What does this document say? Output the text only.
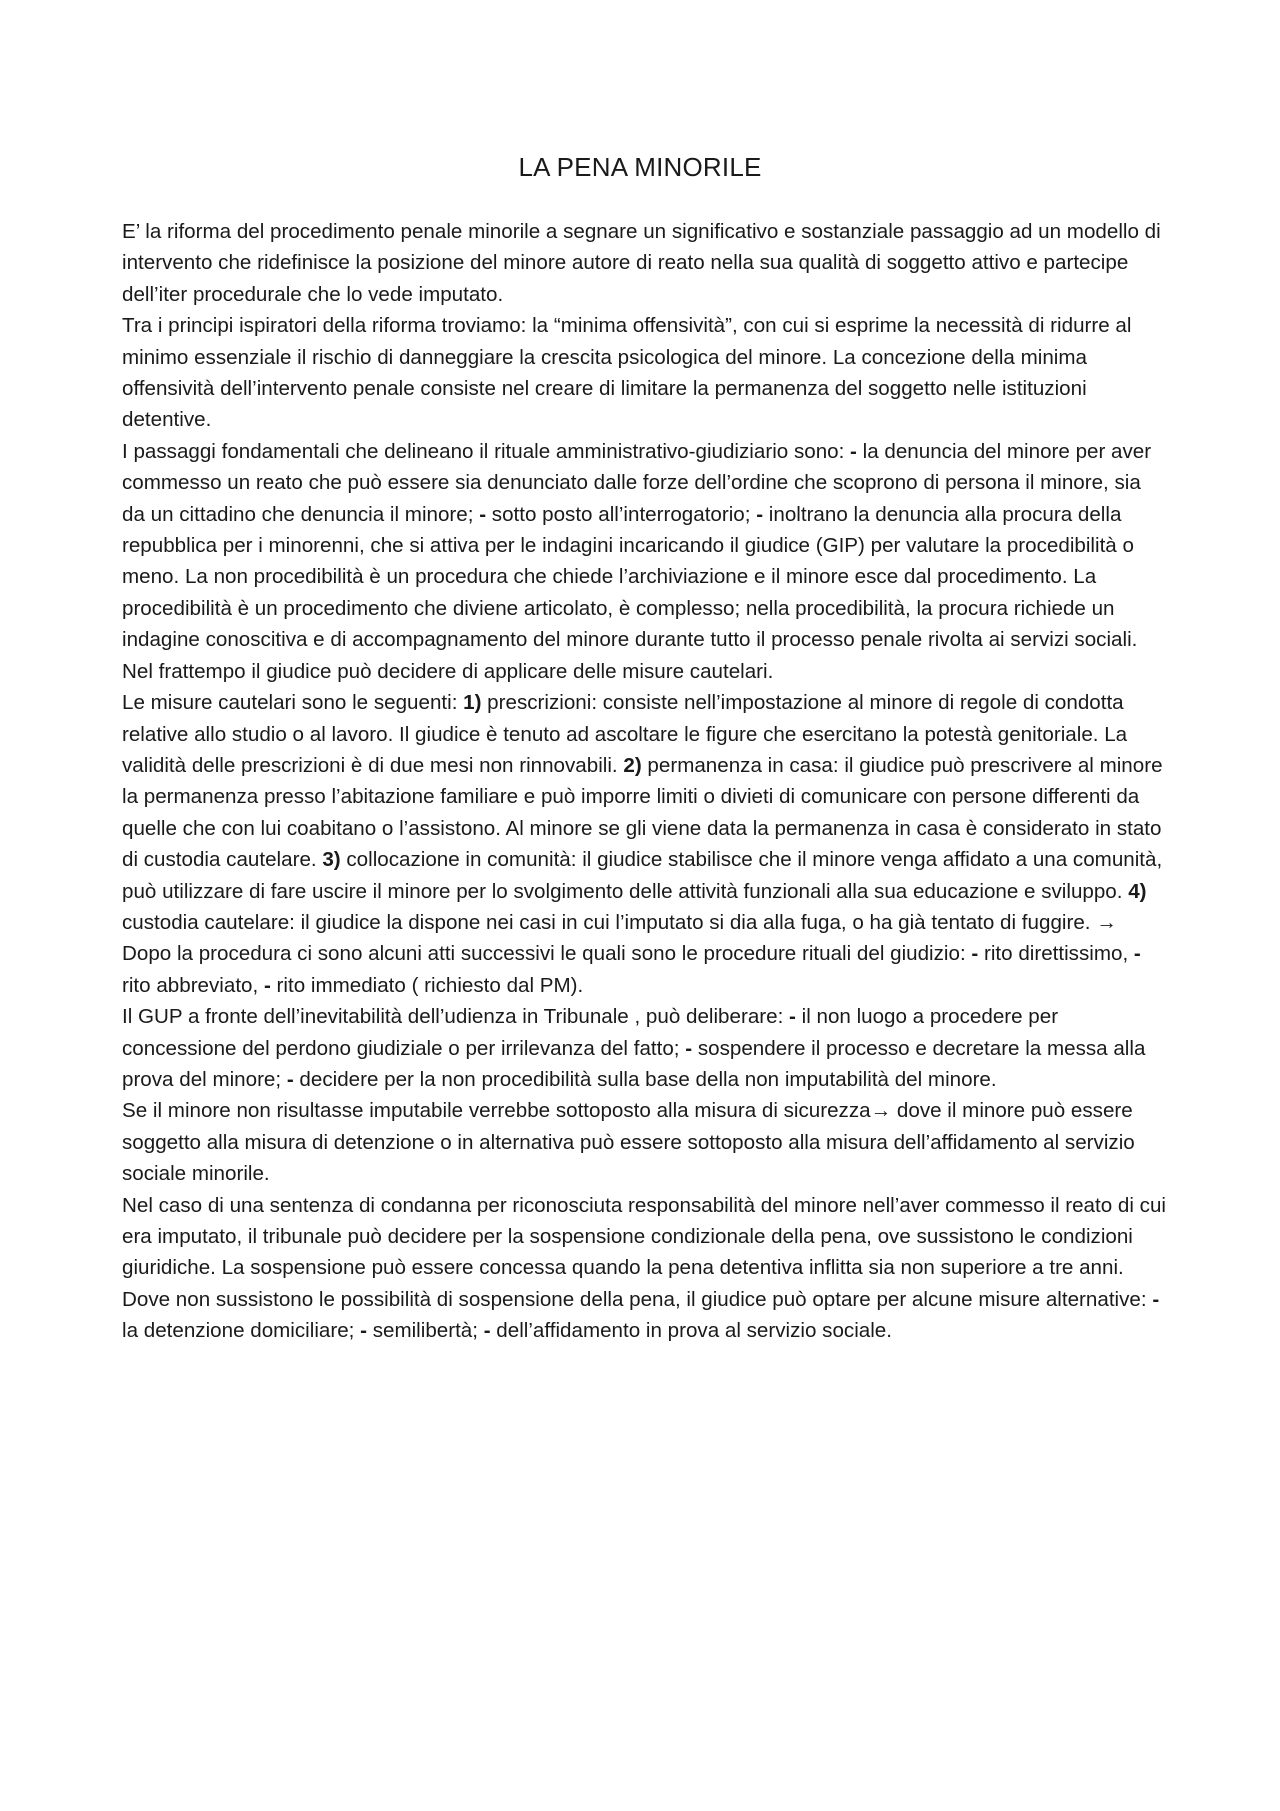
LA PENA MINORILE

E’ la riforma del procedimento penale minorile a segnare un significativo e sostanziale passaggio ad un modello di intervento che ridefinisce la posizione del minore autore di reato nella sua qualità di soggetto attivo e partecipe dell’iter procedurale che lo vede imputato.

Tra i principi ispiratori della riforma troviamo: la “minima offensività”, con cui si esprime la necessità di ridurre al minimo essenziale il rischio di danneggiare la crescita psicologica del minore. La concezione della minima offensività dell’intervento penale consiste nel creare di limitare la permanenza del soggetto nelle istituzioni detentive.

I passaggi fondamentali che delineano il rituale amministrativo-giudiziario sono: - la denuncia del minore per aver commesso un reato che può essere sia denunciato dalle forze dell’ordine che scoprono di persona il minore, sia da un cittadino che denuncia il minore; - sotto posto all’interrogatorio; - inoltrano la denuncia alla procura della repubblica per i minorenni, che si attiva per le indagini incaricando il giudice (GIP) per valutare la procedibilità o meno. La non procedibilità è un procedura che chiede l’archiviazione e il minore esce dal procedimento. La procedibilità è un procedimento che diviene articolato, è complesso; nella procedibilità, la procura richiede un indagine conoscitiva e di accompagnamento del minore durante tutto il processo penale rivolta ai servizi sociali. Nel frattempo il giudice può decidere di applicare delle misure cautelari.

Le misure cautelari sono le seguenti: 1) prescrizioni: consiste nell’impostazione al minore di regole di condotta relative allo studio o al lavoro. Il giudice è tenuto ad ascoltare le figure che esercitano la potestà genitoriale. La validità delle prescrizioni è di due mesi non rinnovabili. 2) permanenza in casa: il giudice può prescrivere al minore la permanenza presso l’abitazione familiare e può imporre limiti o divieti di comunicare con persone differenti da quelle che con lui coabitano o l’assistono. Al minore se gli viene data la permanenza in casa è considerato in stato di custodia cautelare. 3) collocazione in comunità: il giudice stabilisce che il minore venga affidato a una comunità, può utilizzare di fare uscire il minore per lo svolgimento delle attività funzionali alla sua educazione e sviluppo. 4) custodia cautelare: il giudice la dispone nei casi in cui l’imputato si dia alla fuga, o ha già tentato di fuggire. → Dopo la procedura ci sono alcuni atti successivi le quali sono le procedure rituali del giudizio: - rito direttissimo, - rito abbreviato, - rito immediato ( richiesto dal PM).

Il GUP a fronte dell’inevitabilità dell’udienza in Tribunale , può deliberare: - il non luogo a procedere per concessione del perdono giudiziale o per irrilevanza del fatto; - sospendere il processo e decretare la messa alla prova del minore; - decidere per la non procedibilità sulla base della non imputabilità del minore.

Se il minore non risultasse imputabile verrebbe sottoposto alla misura di sicurezza→ dove il minore può essere soggetto alla misura di detenzione o in alternativa può essere sottoposto alla misura dell’affidamento al servizio sociale minorile.

Nel caso di una sentenza di condanna per riconosciuta responsabilità del minore nell’aver commesso il reato di cui era imputato, il tribunale può decidere per la sospensione condizionale della pena, ove sussistono le condizioni giuridiche. La sospensione può essere concessa quando la pena detentiva inflitta sia non superiore a tre anni. Dove non sussistono le possibilità di sospensione della pena, il giudice può optare per alcune misure alternative: - la detenzione domiciliare; - semilibertà; - dell’affidamento in prova al servizio sociale.
